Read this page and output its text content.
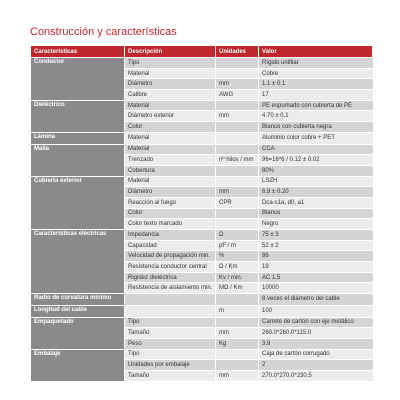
Construcción y características
Características	Descripción	Unidades	Valor
Conductor	Tipo		Rígido unifilar
	Material		Cobre
	Diámetro	mm	1.1 ± 0.1
	Calibre	AWG	17
Dieléctrico	Material		PE espumado con cubierta de PE
	Diámetro exterior	mm	4.70 ± 0.1
	Color		Blanco con cubierta negra
Lámina	Material		Aluminio color cobre + PET
Malla	Material		CCA
	Trenzado	nº hilos / mm	96=16*6 / 0.12 ± 0.02
	Cobertura		80%
Cubierta exterior	Material		LSZH
	Diámetro	mm	6.8 ± 0.20
	Reacción al fuego	CPR	Dca-s1a, d0, a1
	Color		Blanco
	Color texto marcado		Negro
Características eléctricas	Impedancia	Ω	75 ± 3
	Capacidad	pF / m	52 ± 2
	Velocidad de propagación min.	%	86
	Resistencia conductor central	Ω / Km	19
	Rigidez dieléctrica	Kv / min.	AC 1.5
	Resistencia de aislamiento min.	MΩ / Km	10000
Radio de curvatura mínimo			8 veces el diámetro del cable
Longitud del cable		m	100
Empaquetado	Tipo		Carrete de cartón con eje metálico
	Tamaño	mm	260.0*260.0*115.0
	Peso	Kg	3.9
Embalaje	Tipo		Caja de cartón corrugado
	Unidades por embalaje		2
	Tamaño	mm	270.0*270.0*230.5
